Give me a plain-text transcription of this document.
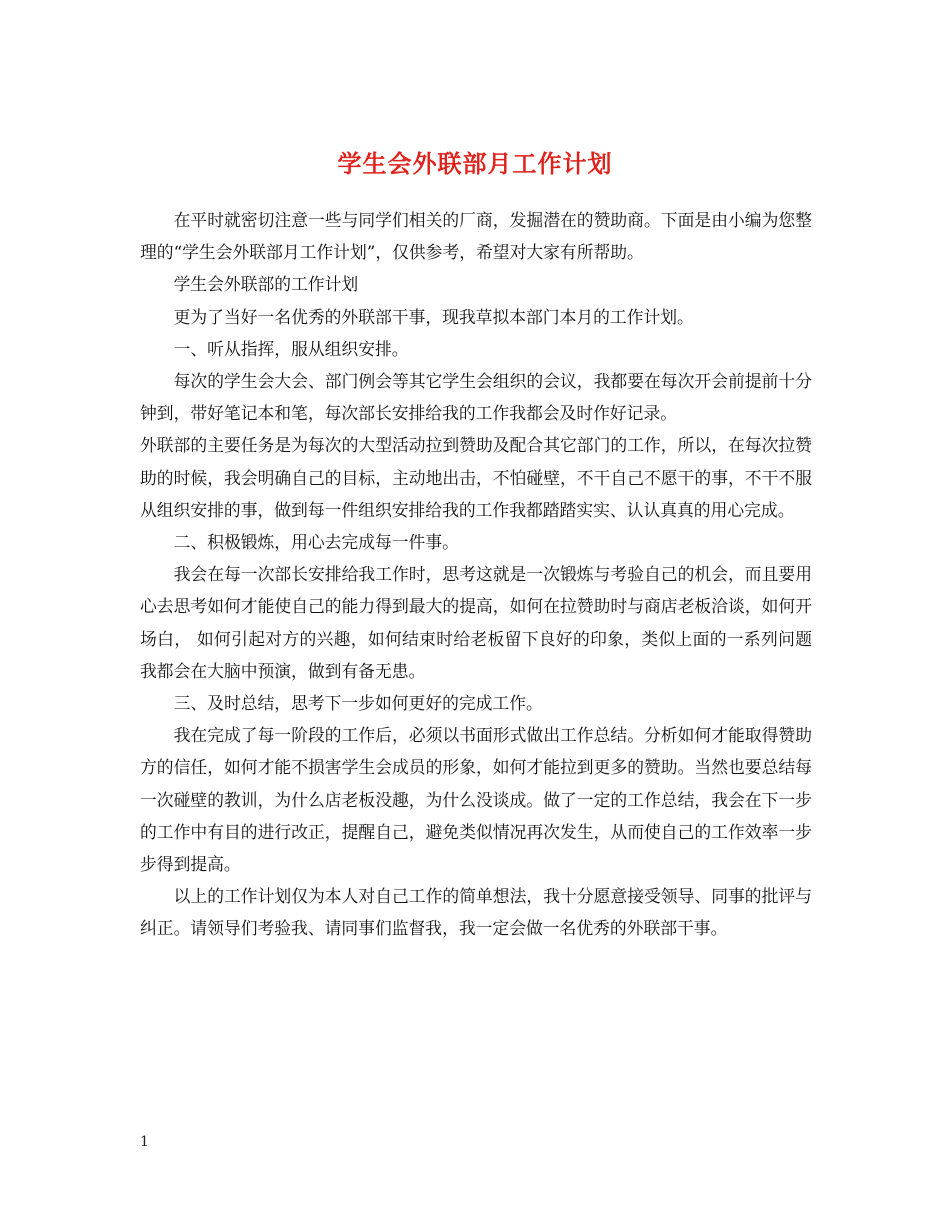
学生会外联部月工作计划

在平时就密切注意一些与同学们相关的厂商，发掘潜在的赞助商。下面是由小编为您整理的“学生会外联部月工作计划”，仅供参考，希望对大家有所帮助。

学生会外联部的工作计划

更为了当好一名优秀的外联部干事，现我草拟本部门本月的工作计划。

一、听从指挥，服从组织安排。

每次的学生会大会、部门例会等其它学生会组织的会议，我都要在每次开会前提前十分钟到，带好笔记本和笔，每次部长安排给我的工作我都会及时作好记录。

外联部的主要任务是为每次的大型活动拉到赞助及配合其它部门的工作，所以，在每次拉赞助的时候，我会明确自己的目标，主动地出击，不怕碰壁，不干自己不愿干的事，不干不服从组织安排的事，做到每一件组织安排给我的工作我都踏踏实实、认认真真的用心完成。

二、积极锻炼，用心去完成每一件事。

我会在每一次部长安排给我工作时，思考这就是一次锻炼与考验自己的机会，而且要用心去思考如何才能使自己的能力得到最大的提高，如何在拉赞助时与商店老板洽谈，如何开场白， 如何引起对方的兴趣，如何结束时给老板留下良好的印象，类似上面的一系列问题我都会在大脑中预演，做到有备无患。

三、及时总结，思考下一步如何更好的完成工作。

我在完成了每一阶段的工作后，必须以书面形式做出工作总结。分析如何才能取得赞助方的信任，如何才能不损害学生会成员的形象，如何才能拉到更多的赞助。当然也要总结每一次碰壁的教训，为什么店老板没趣，为什么没谈成。做了一定的工作总结，我会在下一步的工作中有目的进行改正，提醒自己，避免类似情况再次发生，从而使自己的工作效率一步步得到提高。

以上的工作计划仅为本人对自己工作的简单想法，我十分愿意接受领导、同事的批评与纠正。请领导们考验我、请同事们监督我，我一定会做一名优秀的外联部干事。

1
